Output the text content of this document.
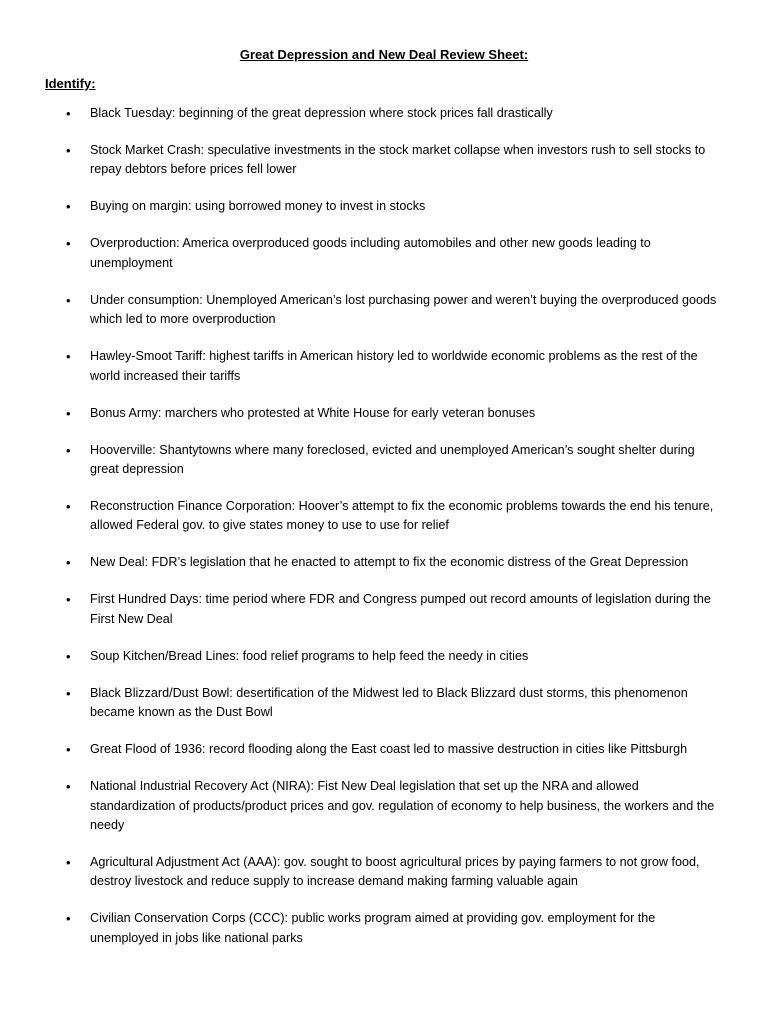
Great Depression and New Deal Review Sheet:
Identify:
• Black Tuesday: beginning of the great depression where stock prices fall drastically
• Stock Market Crash: speculative investments in the stock market collapse when investors rush to sell stocks to repay debtors before prices fell lower
• Buying on margin: using borrowed money to invest in stocks
• Overproduction: America overproduced goods including automobiles and other new goods leading to unemployment
• Under consumption: Unemployed American’s lost purchasing power and weren’t buying the overproduced goods which led to more overproduction
• Hawley-Smoot Tariff: highest tariffs in American history led to worldwide economic problems as the rest of the world increased their tariffs
• Bonus Army: marchers who protested at White House for early veteran bonuses
• Hooverville: Shantytowns where many foreclosed, evicted and unemployed American’s sought shelter during great depression
• Reconstruction Finance Corporation: Hoover’s attempt to fix the economic problems towards the end his tenure, allowed Federal gov. to give states money to use to use for relief
• New Deal: FDR’s legislation that he enacted to attempt to fix the economic distress of the Great Depression
• First Hundred Days: time period where FDR and Congress pumped out record amounts of legislation during the First New Deal
• Soup Kitchen/Bread Lines: food relief programs to help feed the needy in cities
• Black Blizzard/Dust Bowl: desertification of the Midwest led to Black Blizzard dust storms, this phenomenon became known as the Dust Bowl
• Great Flood of 1936: record flooding along the East coast led to massive destruction in cities like Pittsburgh
• National Industrial Recovery Act (NIRA): Fist New Deal legislation that set up the NRA and allowed standardization of products/product prices and gov. regulation of economy to help business, the workers and the needy
• Agricultural Adjustment Act (AAA): gov. sought to boost agricultural prices by paying farmers to not grow food, destroy livestock and reduce supply to increase demand making farming valuable again
• Civilian Conservation Corps (CCC): public works program aimed at providing gov. employment for the unemployed in jobs like national parks
